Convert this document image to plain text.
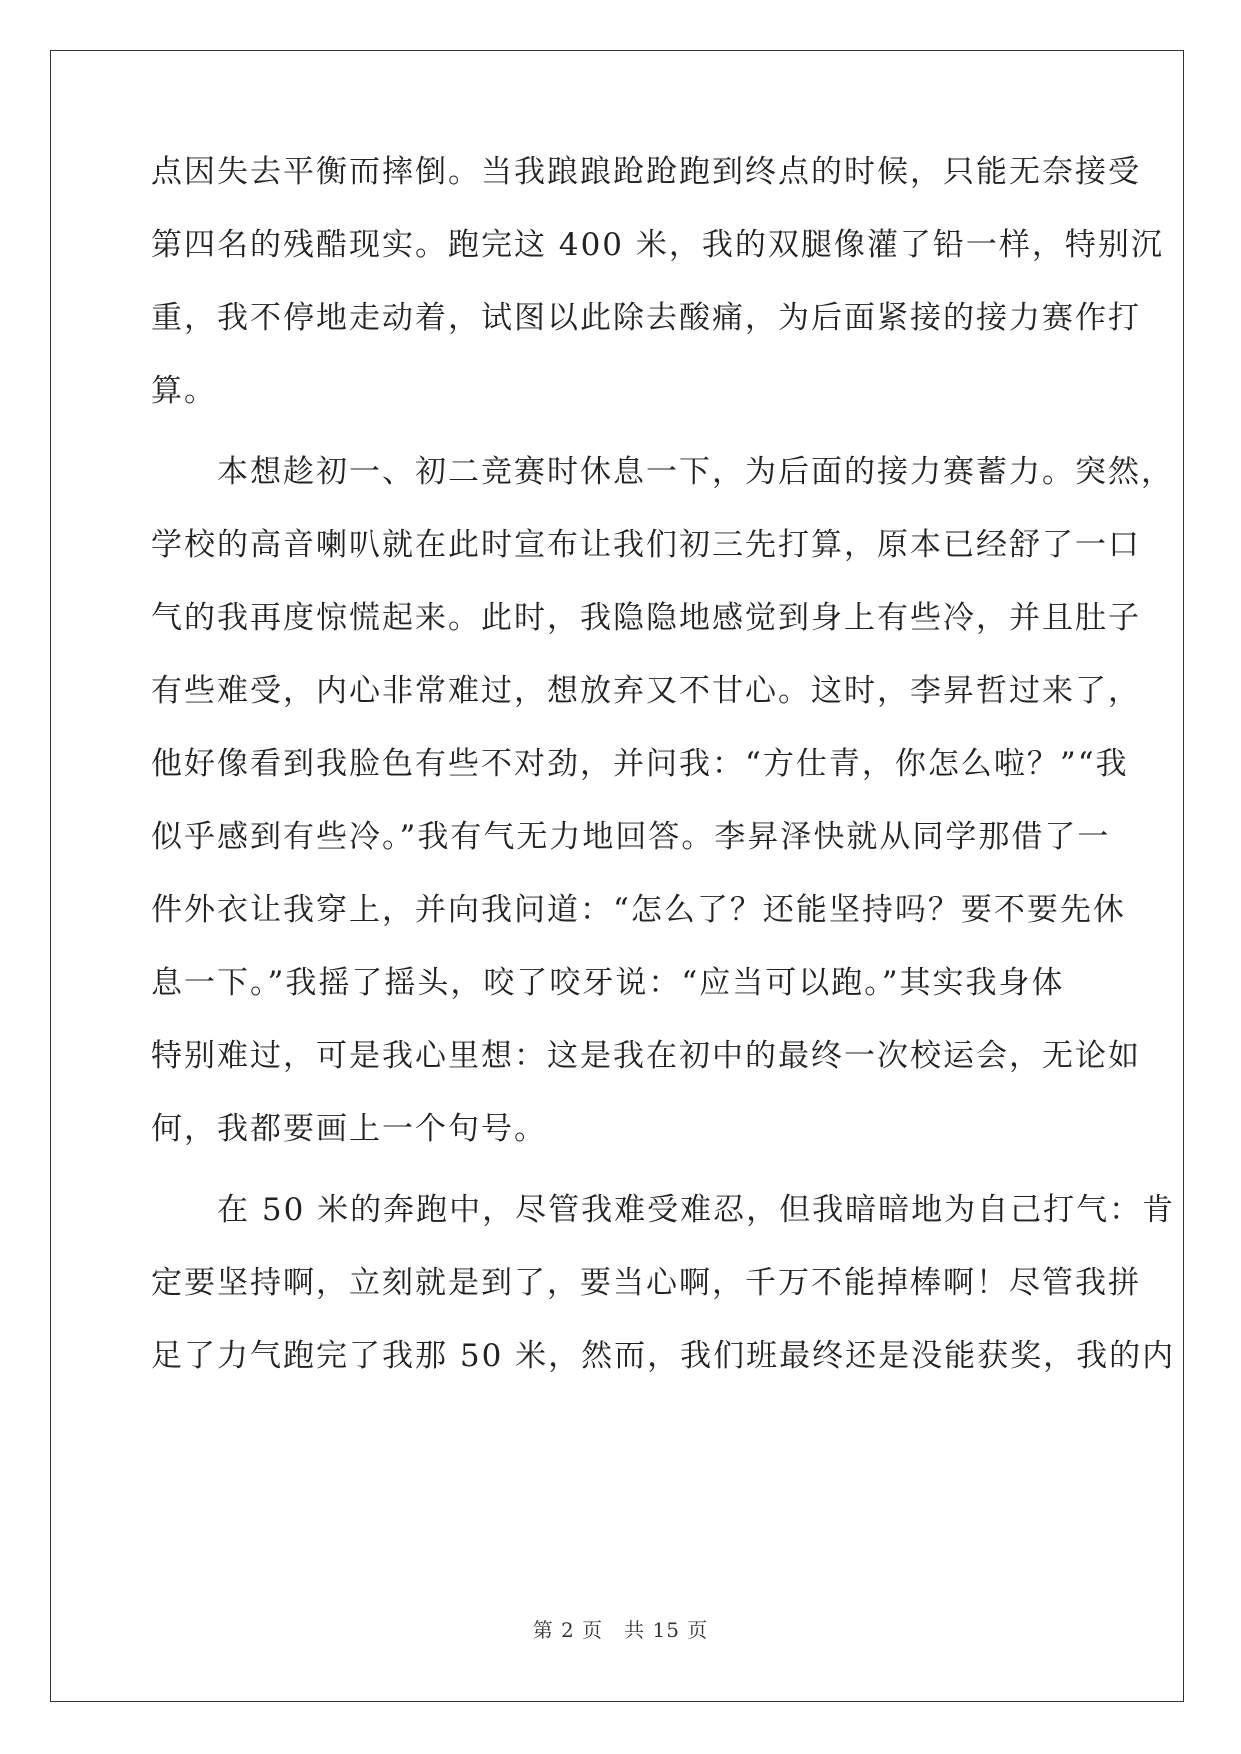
点因失去平衡而摔倒。当我踉踉跄跄跑到终点的时候，只能无奈接受
第四名的残酷现实。跑完这 400 米，我的双腿像灌了铅一样，特别沉
重，我不停地走动着，试图以此除去酸痛，为后面紧接的接力赛作打
算。
　　本想趁初一、初二竞赛时休息一下，为后面的接力赛蓄力。突然，
学校的高音喇叭就在此时宣布让我们初三先打算，原本已经舒了一口
气的我再度惊慌起来。此时，我隐隐地感觉到身上有些冷，并且肚子
有些难受，内心非常难过，想放弃又不甘心。这时，李昇哲过来了，
他好像看到我脸色有些不对劲，并问我：“方仕青，你怎么啦？”“我
似乎感到有些冷。”我有气无力地回答。李昇泽快就从同学那借了一
件外衣让我穿上，并向我问道：“怎么了？还能坚持吗？要不要先休
息一下。”我摇了摇头，咬了咬牙说：“应当可以跑。”其实我身体
特别难过，可是我心里想：这是我在初中的最终一次校运会，无论如
何，我都要画上一个句号。
　　在 50 米的奔跑中，尽管我难受难忍，但我暗暗地为自己打气：肯
定要坚持啊，立刻就是到了，要当心啊，千万不能掉棒啊！尽管我拼
足了力气跑完了我那 50 米，然而，我们班最终还是没能获奖，我的内
第 2 页　共 15 页
